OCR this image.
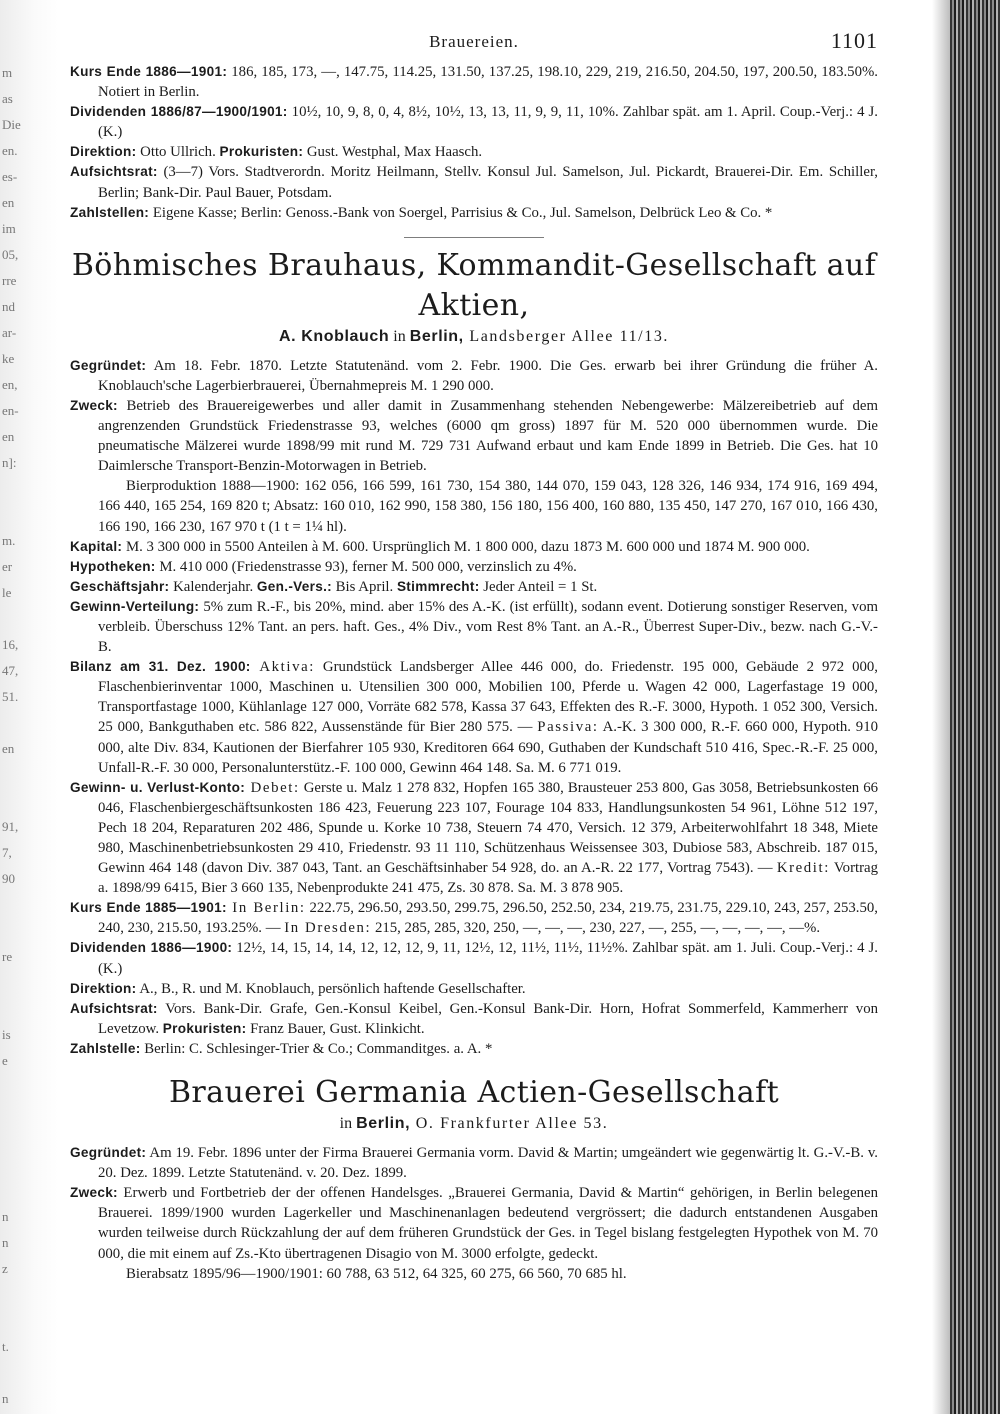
m
as
Die
en.
es-
en
im
05,
rre
nd
ar-
ke
en,
en-
en
n]:

m.
er
le

16,
47,
51.

en

91,
7,
90

re

is
e

n
n
z

t.

n
Brauereien.	1101

Kurs Ende 1886—1901: 186, 185, 173, —, 147.75, 114.25, 131.50, 137.25, 198.10, 229, 219, 216.50, 204.50, 197, 200.50, 183.50%. Notiert in Berlin.

Dividenden 1886/87—1900/1901: 10½, 10, 9, 8, 0, 4, 8½, 10½, 13, 13, 11, 9, 9, 11, 10%. Zahlbar spät. am 1. April. Coup.-Verj.: 4 J. (K.)

Direktion: Otto Ullrich. Prokuristen: Gust. Westphal, Max Haasch.

Aufsichtsrat: (3—7) Vors. Stadtverordn. Moritz Heilmann, Stellv. Konsul Jul. Samelson, Jul. Pickardt, Brauerei-Dir. Em. Schiller, Berlin; Bank-Dir. Paul Bauer, Potsdam.

Zahlstellen: Eigene Kasse; Berlin: Genoss.-Bank von Soergel, Parrisius & Co., Jul. Samelson, Delbrück Leo & Co. *

Böhmisches Brauhaus, Kommandit-Gesellschaft auf Aktien,
A. Knoblauch in Berlin, Landsberger Allee 11/13.

Gegründet: Am 18. Febr. 1870. Letzte Statutenänd. vom 2. Febr. 1900. Die Ges. erwarb bei ihrer Gründung die früher A. Knoblauch'sche Lagerbierbrauerei, Übernahmepreis M. 1 290 000.

Zweck: Betrieb des Brauereigewerbes und aller damit in Zusammenhang stehenden Nebengewerbe: Mälzereibetrieb auf dem angrenzenden Grundstück Friedenstrasse 93, welches (6000 qm gross) 1897 für M. 520 000 übernommen wurde. Die pneumatische Mälzerei wurde 1898/99 mit rund M. 729 731 Aufwand erbaut und kam Ende 1899 in Betrieb. Die Ges. hat 10 Daimlersche Transport-Benzin-Motorwagen in Betrieb.

Bierproduktion 1888—1900: 162 056, 166 599, 161 730, 154 380, 144 070, 159 043, 128 326, 146 934, 174 916, 169 494, 166 440, 165 254, 169 820 t; Absatz: 160 010, 162 990, 158 380, 156 180, 156 400, 160 880, 135 450, 147 270, 167 010, 166 430, 166 190, 166 230, 167 970 t (1 t = 1¼ hl).

Kapital: M. 3 300 000 in 5500 Anteilen à M. 600. Ursprünglich M. 1 800 000, dazu 1873 M. 600 000 und 1874 M. 900 000.

Hypotheken: M. 410 000 (Friedenstrasse 93), ferner M. 500 000, verzinslich zu 4%.

Geschäftsjahr: Kalenderjahr. Gen.-Vers.: Bis April. Stimmrecht: Jeder Anteil = 1 St.

Gewinn-Verteilung: 5% zum R.-F., bis 20%, mind. aber 15% des A.-K. (ist erfüllt), sodann event. Dotierung sonstiger Reserven, vom verbleib. Überschuss 12% Tant. an pers. haft. Ges., 4% Div., vom Rest 8% Tant. an A.-R., Überrest Super-Div., bezw. nach G.-V.-B.

Bilanz am 31. Dez. 1900: Aktiva: Grundstück Landsberger Allee 446 000, do. Friedenstr. 195 000, Gebäude 2 972 000, Flaschenbierinventar 1000, Maschinen u. Utensilien 300 000, Mobilien 100, Pferde u. Wagen 42 000, Lagerfastage 19 000, Transportfastage 1000, Kühlanlage 127 000, Vorräte 682 578, Kassa 37 643, Effekten des R.-F. 3000, Hypoth. 1 052 300, Versich. 25 000, Bankguthaben etc. 586 822, Aussenstände für Bier 280 575. — Passiva: A.-K. 3 300 000, R.-F. 660 000, Hypoth. 910 000, alte Div. 834, Kautionen der Bierfahrer 105 930, Kreditoren 664 690, Guthaben der Kundschaft 510 416, Spec.-R.-F. 25 000, Unfall-R.-F. 30 000, Personalunterstütz.-F. 100 000, Gewinn 464 148. Sa. M. 6 771 019.

Gewinn- u. Verlust-Konto: Debet: Gerste u. Malz 1 278 832, Hopfen 165 380, Brausteuer 253 800, Gas 3058, Betriebsunkosten 66 046, Flaschenbiergeschäftsunkosten 186 423, Feuerung 223 107, Fourage 104 833, Handlungsunkosten 54 961, Löhne 512 197, Pech 18 204, Reparaturen 202 486, Spunde u. Korke 10 738, Steuern 74 470, Versich. 12 379, Arbeiterwohlfahrt 18 348, Miete 980, Maschinenbetriebsunkosten 29 410, Friedenstr. 93 11 110, Schützenhaus Weissensee 303, Dubiose 583, Abschreib. 187 015, Gewinn 464 148 (davon Div. 387 043, Tant. an Geschäftsinhaber 54 928, do. an A.-R. 22 177, Vortrag 7543). — Kredit: Vortrag a. 1898/99 6415, Bier 3 660 135, Nebenprodukte 241 475, Zs. 30 878. Sa. M. 3 878 905.

Kurs Ende 1885—1901: In Berlin: 222.75, 296.50, 293.50, 299.75, 296.50, 252.50, 234, 219.75, 231.75, 229.10, 243, 257, 253.50, 240, 230, 215.50, 193.25%. — In Dresden: 215, 285, 285, 320, 250, —, —, —, 230, 227, —, 255, —, —, —, —, —%.

Dividenden 1886—1900: 12½, 14, 15, 14, 14, 12, 12, 12, 9, 11, 12½, 12, 11½, 11½, 11½%. Zahlbar spät. am 1. Juli. Coup.-Verj.: 4 J. (K.)

Direktion: A., B., R. und M. Knoblauch, persönlich haftende Gesellschafter.

Aufsichtsrat: Vors. Bank-Dir. Grafe, Gen.-Konsul Keibel, Gen.-Konsul Bank-Dir. Horn, Hofrat Sommerfeld, Kammerherr von Levetzow. Prokuristen: Franz Bauer, Gust. Klinkicht.

Zahlstelle: Berlin: C. Schlesinger-Trier & Co.; Commanditges. a. A. *

Brauerei Germania Actien-Gesellschaft
in Berlin, O. Frankfurter Allee 53.

Gegründet: Am 19. Febr. 1896 unter der Firma Brauerei Germania vorm. David & Martin; umgeändert wie gegenwärtig lt. G.-V.-B. v. 20. Dez. 1899. Letzte Statutenänd. v. 20. Dez. 1899.

Zweck: Erwerb und Fortbetrieb der der offenen Handelsges. „Brauerei Germania, David & Martin“ gehörigen, in Berlin belegenen Brauerei. 1899/1900 wurden Lagerkeller und Maschinenanlagen bedeutend vergrössert; die dadurch entstandenen Ausgaben wurden teilweise durch Rückzahlung der auf dem früheren Grundstück der Ges. in Tegel bislang festgelegten Hypothek von M. 70 000, die mit einem auf Zs.-Kto übertragenen Disagio von M. 3000 erfolgte, gedeckt.

Bierabsatz 1895/96—1900/1901: 60 788, 63 512, 64 325, 60 275, 66 560, 70 685 hl.
